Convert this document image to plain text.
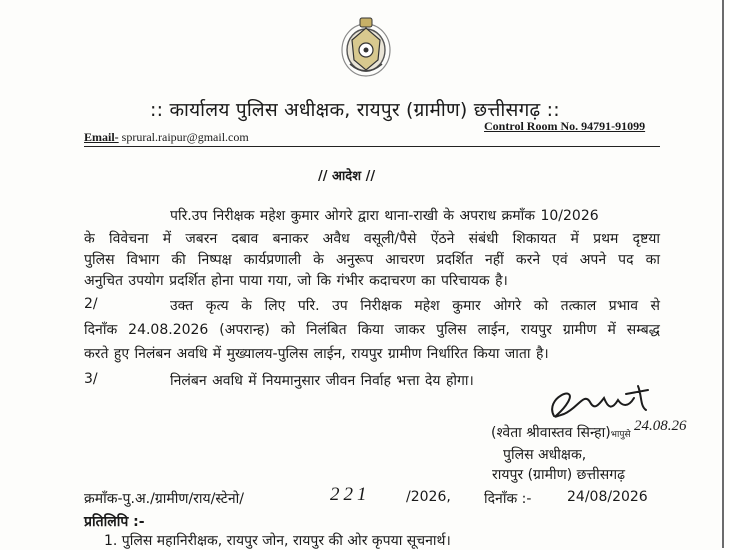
:: कार्यालय पुलिस अधीक्षक, रायपुर (ग्रामीण) छत्तीसगढ़ ::
Control Room No. 94791-91099
Email- sprural.raipur@gmail.com
// आदेश //
परि.उप निरीक्षक महेश कुमार ओगरे द्वारा थाना-राखी के अपराध क्रमाँक 10/2026
के विवेचना में जबरन दबाव बनाकर अवैध वसूली/पैसे ऐंठने संबंधी शिकायत में प्रथम दृष्टया
पुलिस विभाग की निष्पक्ष कार्यप्रणाली के अनुरूप आचरण प्रदर्शित नहीं करने एवं अपने पद का
अनुचित उपयोग प्रदर्शित होना पाया गया, जो कि गंभीर कदाचरण का परिचायक है।
2/	उक्त कृत्य के लिए परि. उप निरीक्षक महेश कुमार ओगरे को तत्काल प्रभाव से
दिनाँक 24.08.2026 (अपरान्ह) को निलंबित किया जाकर पुलिस लाईन, रायपुर ग्रामीण में सम्बद्ध
करते हुए निलंबन अवधि में मुख्यालय-पुलिस लाईन, रायपुर ग्रामीण निर्धारित किया जाता है।
3/	निलंबन अवधि में नियमानुसार जीवन निर्वाह भत्ता देय होगा।
24.08.26
(श्वेता श्रीवास्तव सिन्हा)भापुसे
पुलिस अधीक्षक,
रायपुर (ग्रामीण) छत्तीसगढ़
क्रमाँक-पु.अ./ग्रामीण/राय/स्टेनो/	221	/2026, दिनाँक :-	24/08/2026
प्रतिलिपि :-
1. पुलिस महानिरीक्षक, रायपुर जोन, रायपुर की ओर कृपया सूचनार्थ।
